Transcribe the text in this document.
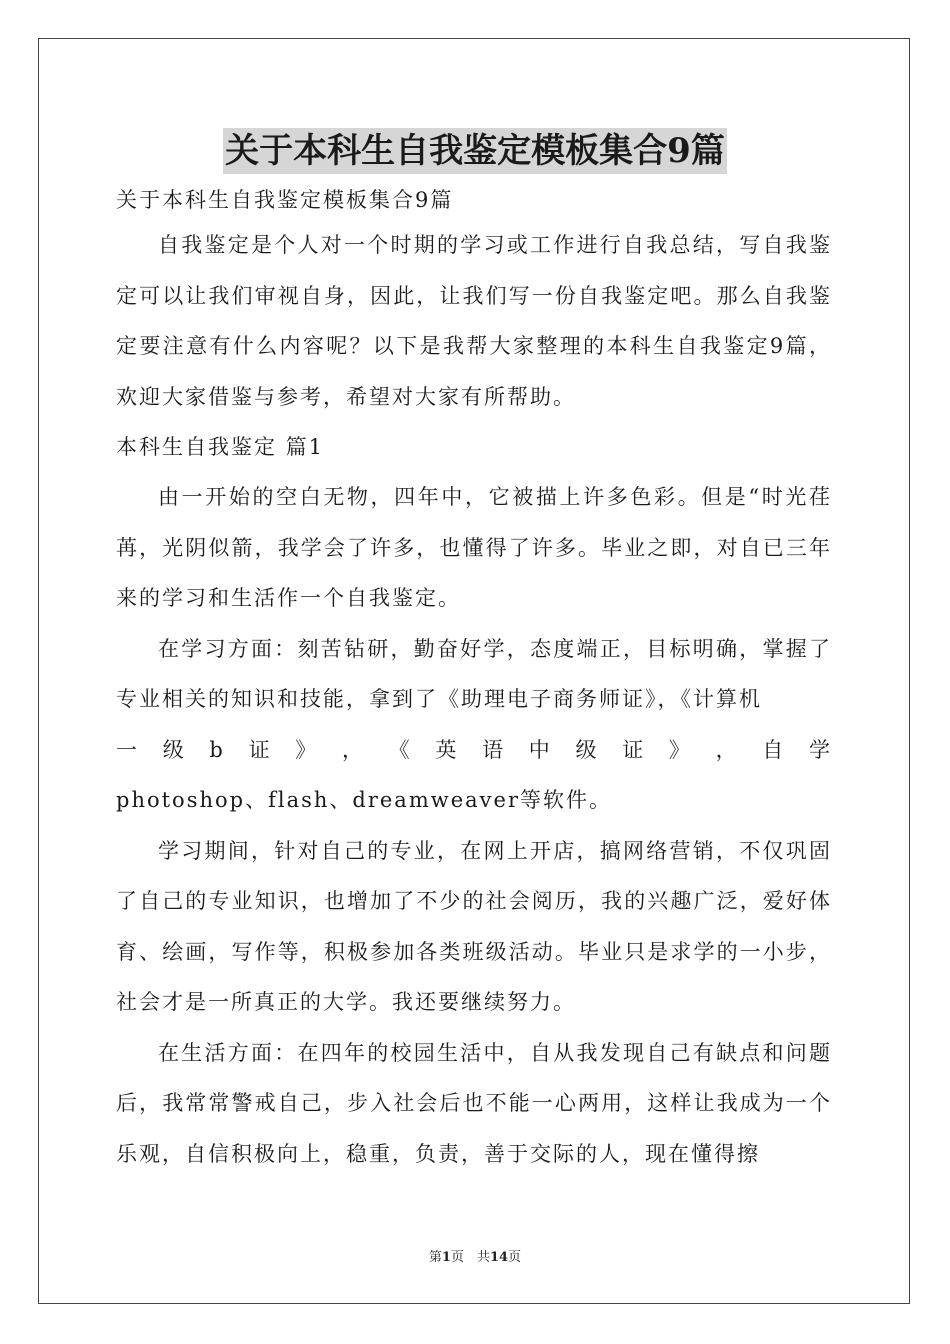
关于本科生自我鉴定模板集合9篇

关于本科生自我鉴定模板集合9篇

自我鉴定是个人对一个时期的学习或工作进行自我总结，写自我鉴定可以让我们审视自身，因此，让我们写一份自我鉴定吧。那么自我鉴定要注意有什么内容呢？以下是我帮大家整理的本科生自我鉴定9篇，欢迎大家借鉴与参考，希望对大家有所帮助。

本科生自我鉴定 篇1

由一开始的空白无物，四年中，它被描上许多色彩。但是“时光荏苒，光阴似箭，我学会了许多，也懂得了许多。毕业之即，对自已三年来的学习和生活作一个自我鉴定。

在学习方面：刻苦钻研，勤奋好学，态度端正，目标明确，掌握了专业相关的知识和技能，拿到了《助理电子商务师证》，《计算机

一 级 b 证 》 ， 《 英 语 中 级 证 》 ， 自 学

photoshop、flash、dreamweaver等软件。

学习期间，针对自己的专业，在网上开店，搞网络营销，不仅巩固了自己的专业知识，也增加了不少的社会阅历，我的兴趣广泛，爱好体育、绘画，写作等，积极参加各类班级活动。毕业只是求学的一小步，社会才是一所真正的大学。我还要继续努力。

在生活方面：在四年的校园生活中，自从我发现自己有缺点和问题后，我常常警戒自己，步入社会后也不能一心两用，这样让我成为一个乐观，自信积极向上，稳重，负责，善于交际的人，现在懂得擦

第1页　共14页
